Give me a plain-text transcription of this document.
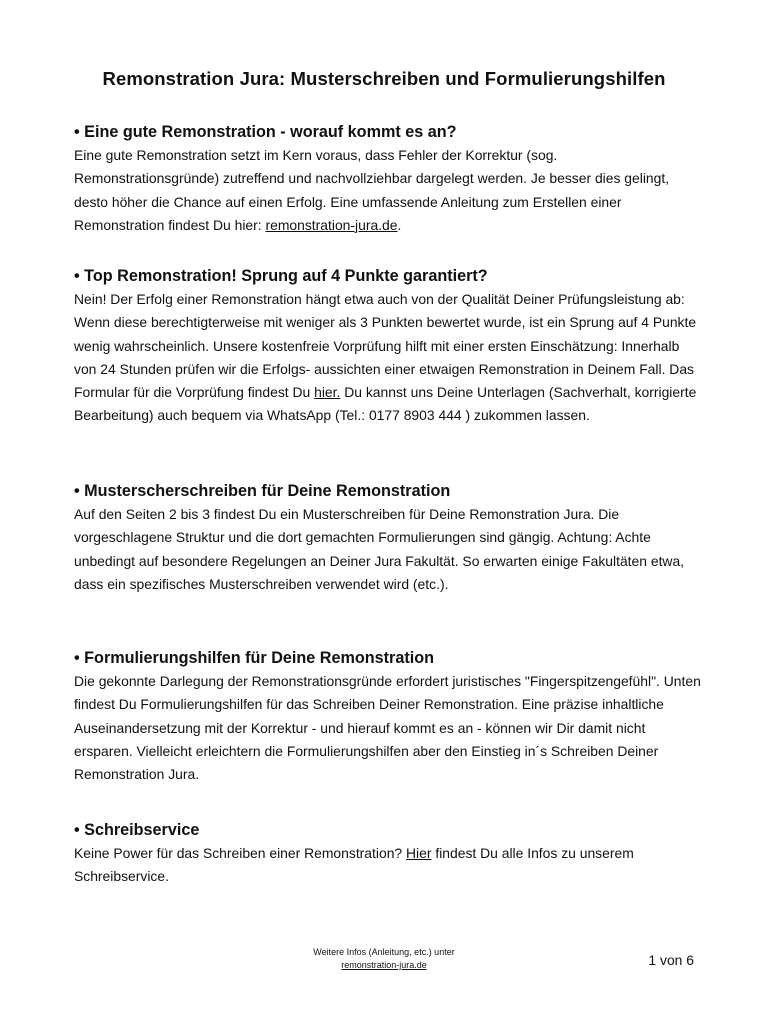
Remonstration Jura: Musterschreiben und Formulierungshilfen
• Eine gute Remonstration - worauf kommt es an?

Eine gute Remonstration setzt im Kern voraus, dass Fehler der Korrektur (sog. Remonstrationsgründe) zutreffend und nachvollziehbar dargelegt werden. Je besser dies gelingt, desto höher die Chance auf einen Erfolg. Eine umfassende Anleitung zum Erstellen einer Remonstration findest Du hier: remonstration-jura.de.

• Top Remonstration! Sprung auf 4 Punkte garantiert?

Nein! Der Erfolg einer Remonstration hängt etwa auch von der Qualität Deiner Prüfungsleistung ab: Wenn diese berechtigterweise mit weniger als 3 Punkten bewertet wurde, ist ein Sprung auf 4 Punkte wenig wahrscheinlich. Unsere kostenfreie Vorprüfung hilft mit einer ersten Einschätzung: Innerhalb von 24 Stunden prüfen wir die Erfolgs- aussichten einer etwaigen Remonstration in Deinem Fall. Das Formular für die Vorprüfung findest Du hier. Du kannst uns Deine Unterlagen (Sachverhalt, korrigierte Bearbeitung) auch bequem via WhatsApp (Tel.: 0177 8903 444 ) zukommen lassen.

• Musterscherschreiben für Deine Remonstration

Auf den Seiten 2 bis 3 findest Du ein Musterschreiben für Deine Remonstration Jura. Die vorgeschlagene Struktur und die dort gemachten Formulierungen sind gängig. Achtung: Achte unbedingt auf besondere Regelungen an Deiner Jura Fakultät. So erwarten einige Fakultäten etwa, dass ein spezifisches Musterschreiben verwendet wird (etc.).

• Formulierungshilfen für Deine Remonstration

Die gekonnte Darlegung der Remonstrationsgründe erfordert juristisches "Fingerspitzengefühl". Unten findest Du Formulierungshilfen für das Schreiben Deiner Remonstration. Eine präzise inhaltliche Auseinandersetzung mit der Korrektur - und hierauf kommt es an - können wir Dir damit nicht ersparen. Vielleicht erleichtern die Formulierungshilfen aber den Einstieg in´s Schreiben Deiner Remonstration Jura.

• Schreibservice

Keine Power für das Schreiben einer Remonstration? Hier findest Du alle Infos zu unserem Schreibservice.

Weitere Infos (Anleitung, etc.) unter
remonstration-jura.de	1 von 6
